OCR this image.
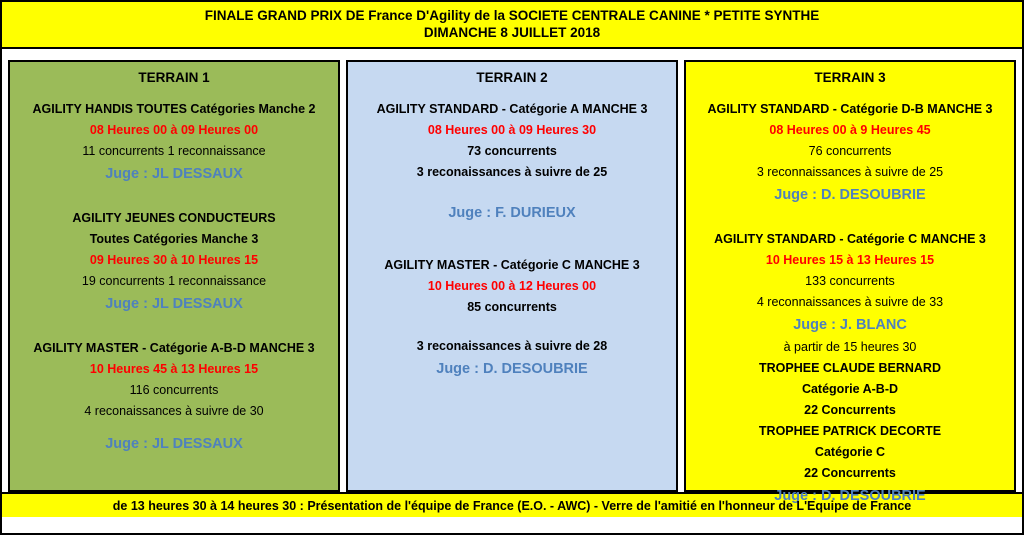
FINALE GRAND PRIX DE France D'Agility de la SOCIETE CENTRALE CANINE * PETITE SYNTHE
DIMANCHE 8 JUILLET 2018
TERRAIN 1
AGILITY HANDIS TOUTES Catégories Manche 2
08 Heures 00 à 09 Heures 00
11 concurrents 1 reconnaissance
Juge : JL DESSAUX
AGILITY JEUNES CONDUCTEURS
Toutes Catégories Manche 3
09 Heures 30 à 10 Heures 15
19 concurrents 1 reconnaissance
Juge : JL DESSAUX
AGILITY MASTER - Catégorie A-B-D MANCHE 3
10 Heures 45 à 13 Heures 15
116 concurrents
4 reconaissances à suivre de 30
Juge : JL DESSAUX
TERRAIN 2
AGILITY STANDARD - Catégorie A MANCHE 3
08 Heures 00 à 09 Heures 30
73 concurrents
3 reconaissances à suivre de 25
Juge : F. DURIEUX
AGILITY MASTER - Catégorie C MANCHE 3
10 Heures 00 à 12 Heures 00
85 concurrents
3 reconaissances à suivre de 28
Juge : D. DESOUBRIE
TERRAIN 3
AGILITY STANDARD - Catégorie D-B MANCHE 3
08 Heures 00 à 9 Heures 45
76 concurrents
3 reconnaissances à suivre de 25
Juge : D. DESOUBRIE
AGILITY STANDARD - Catégorie C MANCHE 3
10 Heures 15 à 13 Heures 15
133 concurrents
4 reconnaissances à suivre de 33
Juge : J. BLANC
à partir de 15 heures 30
TROPHEE CLAUDE BERNARD
Catégorie A-B-D
22 Concurrents
TROPHEE PATRICK DECORTE
Catégorie C
22 Concurrents
Juge : D. DESOUBRIE
de 13 heures 30 à 14 heures 30 : Présentation de l'équipe de France (E.O. - AWC) - Verre de l'amitié en l'honneur de L'Equipe de France
